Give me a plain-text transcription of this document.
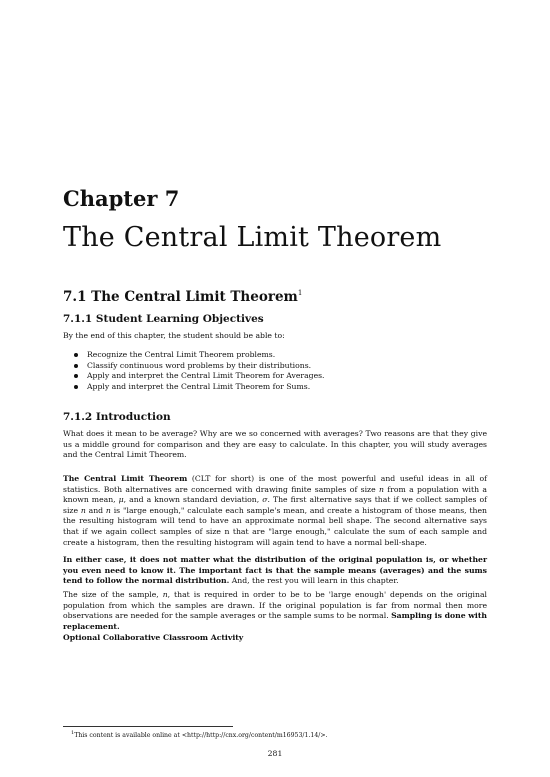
Chapter 7
The Central Limit Theorem
7.1 The Central Limit Theorem$^1$
7.1.1 Student Learning Objectives

By the end of this chapter, the student should be able to:

Recognize the Central Limit Theorem problems.
Classify continuous word problems by their distributions.
Apply and interpret the Central Limit Theorem for Averages.
Apply and interpret the Central Limit Theorem for Sums.
7.1.2 Introduction

What does it mean to be average? Why are we so concerned with averages? Two reasons are that they give us a middle ground for comparison and they are easy to calculate. In this chapter, you will study averages and the Central Limit Theorem.

The Central Limit Theorem (CLT for short) is one of the most powerful and useful ideas in all of statistics. Both alternatives are concerned with drawing finite samples of size n from a population with a known mean, μ, and a known standard deviation, σ. The first alternative says that if we collect samples of size n and n is "large enough," calculate each sample's mean, and create a histogram of those means, then the resulting histogram will tend to have an approximate normal bell shape. The second alternative says that if we again collect samples of size n that are "large enough," calculate the sum of each sample and create a histogram, then the resulting histogram will again tend to have a normal bell-shape.

In either case, it does not matter what the distribution of the original population is, or whether you even need to know it. The important fact is that the sample means (averages) and the sums tend to follow the normal distribution. And, the rest you will learn in this chapter.

The size of the sample, n, that is required in order to be to be 'large enough' depends on the original population from which the samples are drawn. If the original population is far from normal then more observations are needed for the sample averages or the sample sums to be normal. Sampling is done with replacement.

Optional Collaborative Classroom Activity

$^1$This content is available online at <http://http://cnx.org/content/m16953/1.14/>.

281
